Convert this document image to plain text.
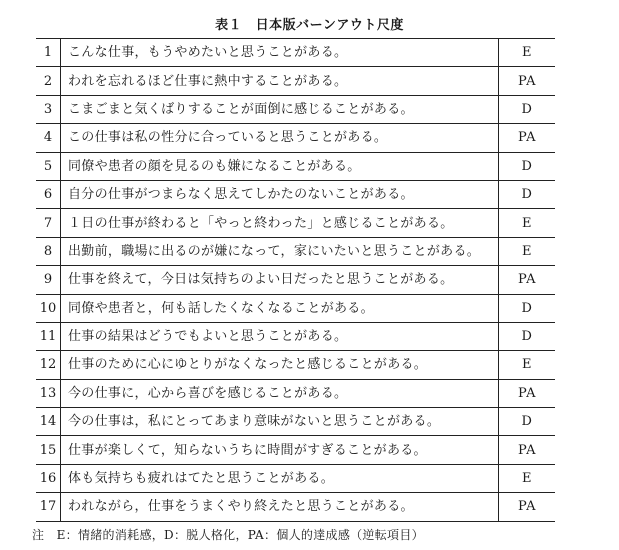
表１　日本版バーンアウト尺度
1	こんな仕事，もうやめたいと思うことがある。	E
2	われを忘れるほど仕事に熱中することがある。	PA
3	こまごまと気くばりすることが面倒に感じることがある。	D
4	この仕事は私の性分に合っていると思うことがある。	PA
5	同僚や患者の顔を見るのも嫌になることがある。	D
6	自分の仕事がつまらなく思えてしかたのないことがある。	D
7	１日の仕事が終わると「やっと終わった」と感じることがある。	E
8	出勤前，職場に出るのが嫌になって，家にいたいと思うことがある。	E
9	仕事を終えて，今日は気持ちのよい日だったと思うことがある。	PA
10	同僚や患者と，何も話したくなくなることがある。	D
11	仕事の結果はどうでもよいと思うことがある。	D
12	仕事のために心にゆとりがなくなったと感じることがある。	E
13	今の仕事に，心から喜びを感じることがある。	PA
14	今の仕事は，私にとってあまり意味がないと思うことがある。	D
15	仕事が楽しくて，知らないうちに時間がすぎることがある。	PA
16	体も気持ちも疲れはてたと思うことがある。	E
17	われながら，仕事をうまくやり終えたと思うことがある。	PA
注　E：情緒的消耗感，D：脱人格化，PA：個人的達成感（逆転項目）
